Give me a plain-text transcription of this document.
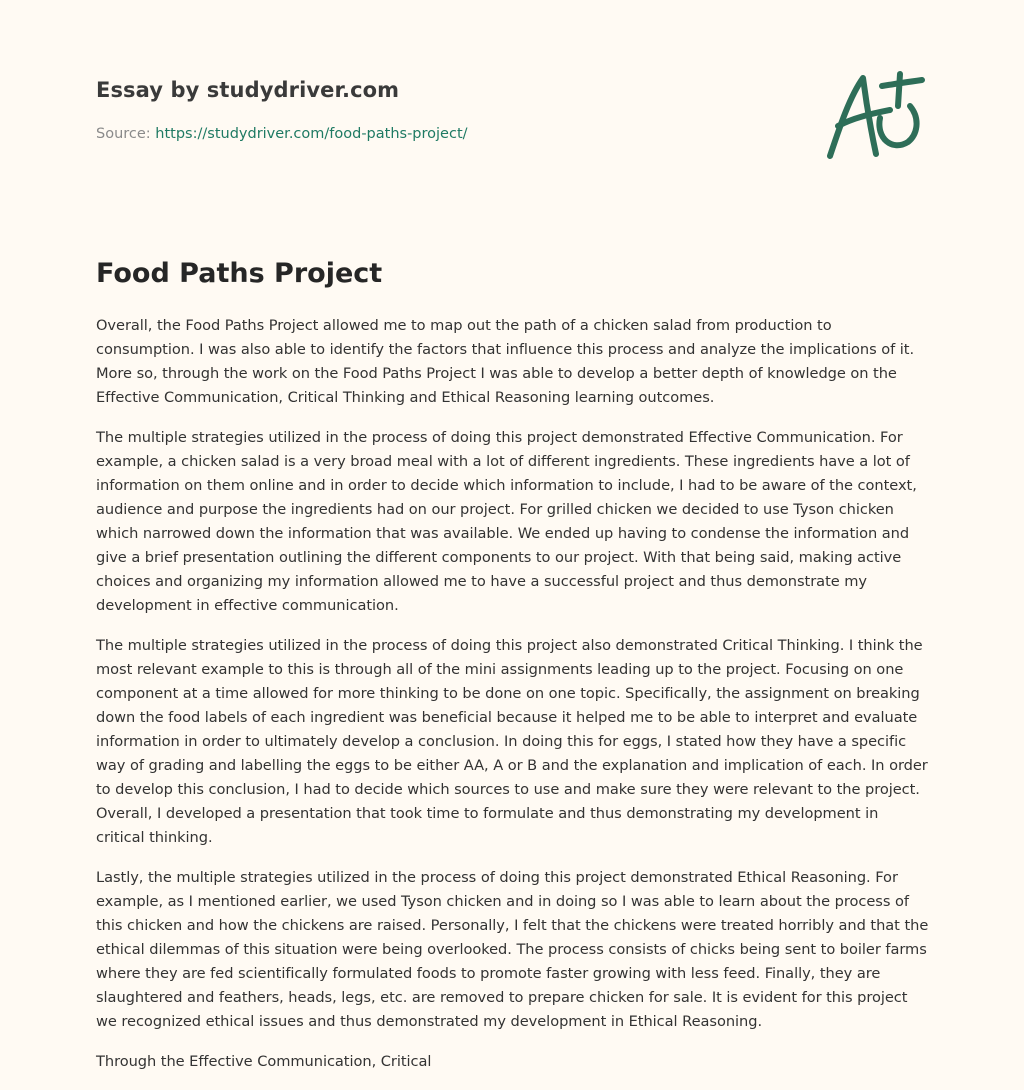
Essay by studydriver.com
Source: https://studydriver.com/food-paths-project/
Food Paths Project

Overall, the Food Paths Project allowed me to map out the path of a chicken salad from production to consumption. I was also able to identify the factors that influence this process and analyze the implications of it. More so, through the work on the Food Paths Project I was able to develop a better depth of knowledge on the Effective Communication, Critical Thinking and Ethical Reasoning learning outcomes.

The multiple strategies utilized in the process of doing this project demonstrated Effective Communication. For example, a chicken salad is a very broad meal with a lot of different ingredients. These ingredients have a lot of information on them online and in order to decide which information to include, I had to be aware of the context, audience and purpose the ingredients had on our project. For grilled chicken we decided to use Tyson chicken which narrowed down the information that was available. We ended up having to condense the information and give a brief presentation outlining the different components to our project. With that being said, making active choices and organizing my information allowed me to have a successful project and thus demonstrate my development in effective communication.

The multiple strategies utilized in the process of doing this project also demonstrated Critical Thinking. I think the most relevant example to this is through all of the mini assignments leading up to the project. Focusing on one component at a time allowed for more thinking to be done on one topic. Specifically, the assignment on breaking down the food labels of each ingredient was beneficial because it helped me to be able to interpret and evaluate information in order to ultimately develop a conclusion. In doing this for eggs, I stated how they have a specific way of grading and labelling the eggs to be either AA, A or B and the explanation and implication of each. In order to develop this conclusion, I had to decide which sources to use and make sure they were relevant to the project. Overall, I developed a presentation that took time to formulate and thus demonstrating my development in critical thinking.

Lastly, the multiple strategies utilized in the process of doing this project demonstrated Ethical Reasoning. For example, as I mentioned earlier, we used Tyson chicken and in doing so I was able to learn about the process of this chicken and how the chickens are raised. Personally, I felt that the chickens were treated horribly and that the ethical dilemmas of this situation were being overlooked. The process consists of chicks being sent to boiler farms where they are fed scientifically formulated foods to promote faster growing with less feed. Finally, they are slaughtered and feathers, heads, legs, etc. are removed to prepare chicken for sale. It is evident for this project we recognized ethical issues and thus demonstrated my development in Ethical Reasoning.

Through the Effective Communication, Critical
